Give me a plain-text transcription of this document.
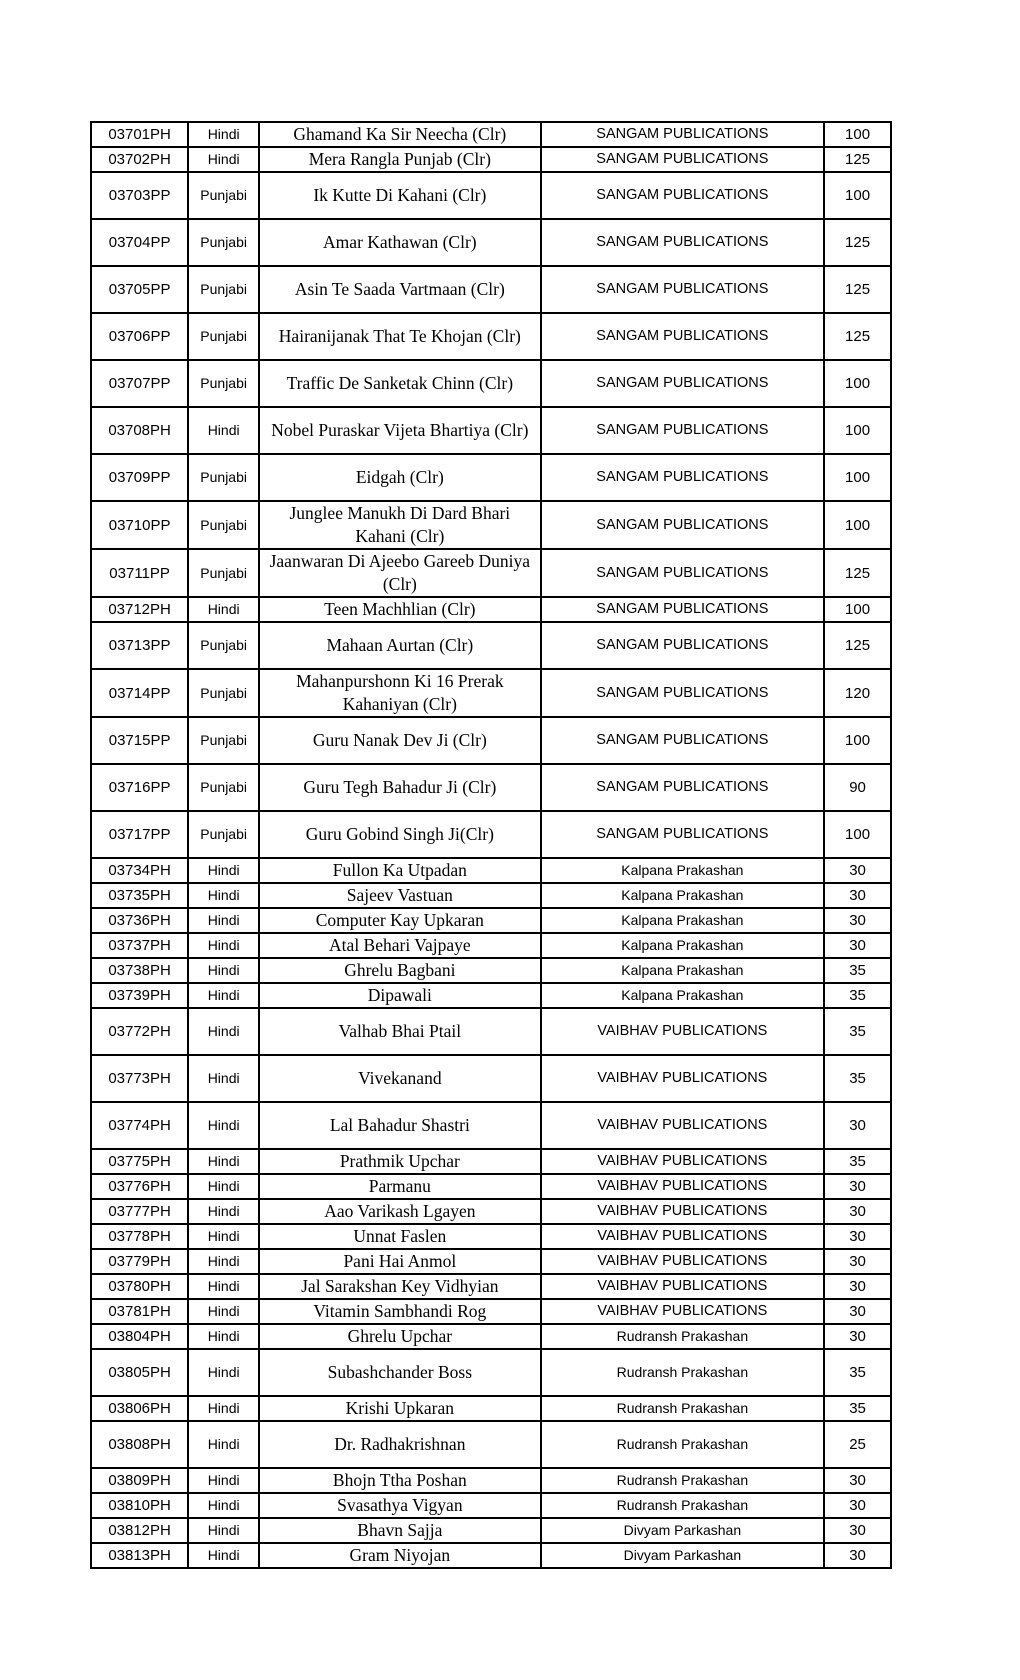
03701PH	Hindi	Ghamand Ka Sir Neecha (Clr)	SANGAM PUBLICATIONS	100
03702PH	Hindi	Mera Rangla Punjab (Clr)	SANGAM PUBLICATIONS	125
03703PP	Punjabi	Ik Kutte Di Kahani (Clr)	SANGAM PUBLICATIONS	100
03704PP	Punjabi	Amar Kathawan (Clr)	SANGAM PUBLICATIONS	125
03705PP	Punjabi	Asin Te Saada Vartmaan (Clr)	SANGAM PUBLICATIONS	125
03706PP	Punjabi	Hairanijanak That Te Khojan (Clr)	SANGAM PUBLICATIONS	125
03707PP	Punjabi	Traffic De Sanketak Chinn (Clr)	SANGAM PUBLICATIONS	100
03708PH	Hindi	Nobel Puraskar Vijeta Bhartiya (Clr)	SANGAM PUBLICATIONS	100
03709PP	Punjabi	Eidgah (Clr)	SANGAM PUBLICATIONS	100
03710PP	Punjabi	Junglee Manukh Di Dard Bhari Kahani (Clr)	SANGAM PUBLICATIONS	100
03711PP	Punjabi	Jaanwaran Di Ajeebo Gareeb Duniya (Clr)	SANGAM PUBLICATIONS	125
03712PH	Hindi	Teen Machhlian (Clr)	SANGAM PUBLICATIONS	100
03713PP	Punjabi	Mahaan Aurtan (Clr)	SANGAM PUBLICATIONS	125
03714PP	Punjabi	Mahanpurshonn Ki 16 Prerak Kahaniyan (Clr)	SANGAM PUBLICATIONS	120
03715PP	Punjabi	Guru Nanak Dev Ji (Clr)	SANGAM PUBLICATIONS	100
03716PP	Punjabi	Guru Tegh Bahadur Ji (Clr)	SANGAM PUBLICATIONS	90
03717PP	Punjabi	Guru Gobind Singh Ji(Clr)	SANGAM PUBLICATIONS	100
03734PH	Hindi	Fullon Ka Utpadan	Kalpana Prakashan	30
03735PH	Hindi	Sajeev Vastuan	Kalpana Prakashan	30
03736PH	Hindi	Computer Kay Upkaran	Kalpana Prakashan	30
03737PH	Hindi	Atal Behari Vajpaye	Kalpana Prakashan	30
03738PH	Hindi	Ghrelu Bagbani	Kalpana Prakashan	35
03739PH	Hindi	Dipawali	Kalpana Prakashan	35
03772PH	Hindi	Valhab Bhai Ptail	VAIBHAV PUBLICATIONS	35
03773PH	Hindi	Vivekanand	VAIBHAV PUBLICATIONS	35
03774PH	Hindi	Lal Bahadur Shastri	VAIBHAV PUBLICATIONS	30
03775PH	Hindi	Prathmik Upchar	VAIBHAV PUBLICATIONS	35
03776PH	Hindi	Parmanu	VAIBHAV PUBLICATIONS	30
03777PH	Hindi	Aao Varikash Lgayen	VAIBHAV PUBLICATIONS	30
03778PH	Hindi	Unnat Faslen	VAIBHAV PUBLICATIONS	30
03779PH	Hindi	Pani Hai Anmol	VAIBHAV PUBLICATIONS	30
03780PH	Hindi	Jal Sarakshan Key Vidhyian	VAIBHAV PUBLICATIONS	30
03781PH	Hindi	Vitamin Sambhandi Rog	VAIBHAV PUBLICATIONS	30
03804PH	Hindi	Ghrelu Upchar	Rudransh Prakashan	30
03805PH	Hindi	Subashchander Boss	Rudransh Prakashan	35
03806PH	Hindi	Krishi Upkaran	Rudransh Prakashan	35
03808PH	Hindi	Dr. Radhakrishnan	Rudransh Prakashan	25
03809PH	Hindi	Bhojn Ttha Poshan	Rudransh Prakashan	30
03810PH	Hindi	Svasathya Vigyan	Rudransh Prakashan	30
03812PH	Hindi	Bhavn Sajja	Divyam Parkashan	30
03813PH	Hindi	Gram Niyojan	Divyam Parkashan	30
